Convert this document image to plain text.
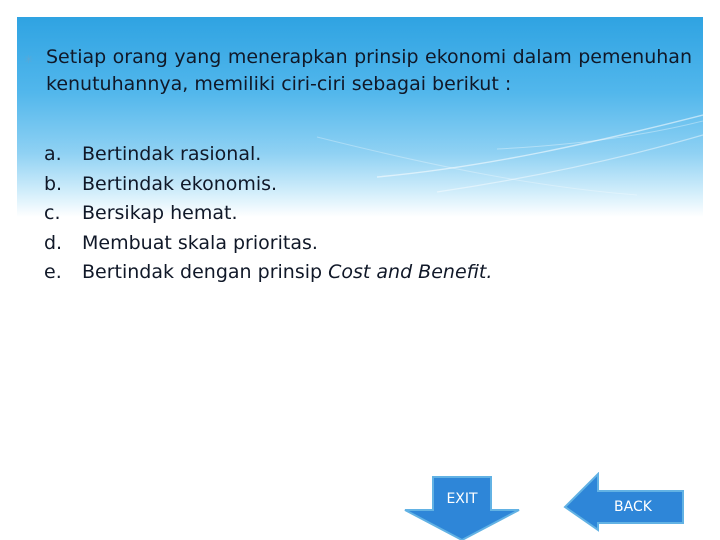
✳ Setiap orang yang menerapkan prinsip ekonomi dalam pemenuhan kenutuhannya, memiliki ciri-ciri sebagai berikut :

a.	Bertindak rasional.
b.	Bertindak ekonomis.
c.	Bersikap hemat.
d.	Membuat skala prioritas.
e.	Bertindak dengan prinsip Cost and Benefit.
EXIT	BACK
